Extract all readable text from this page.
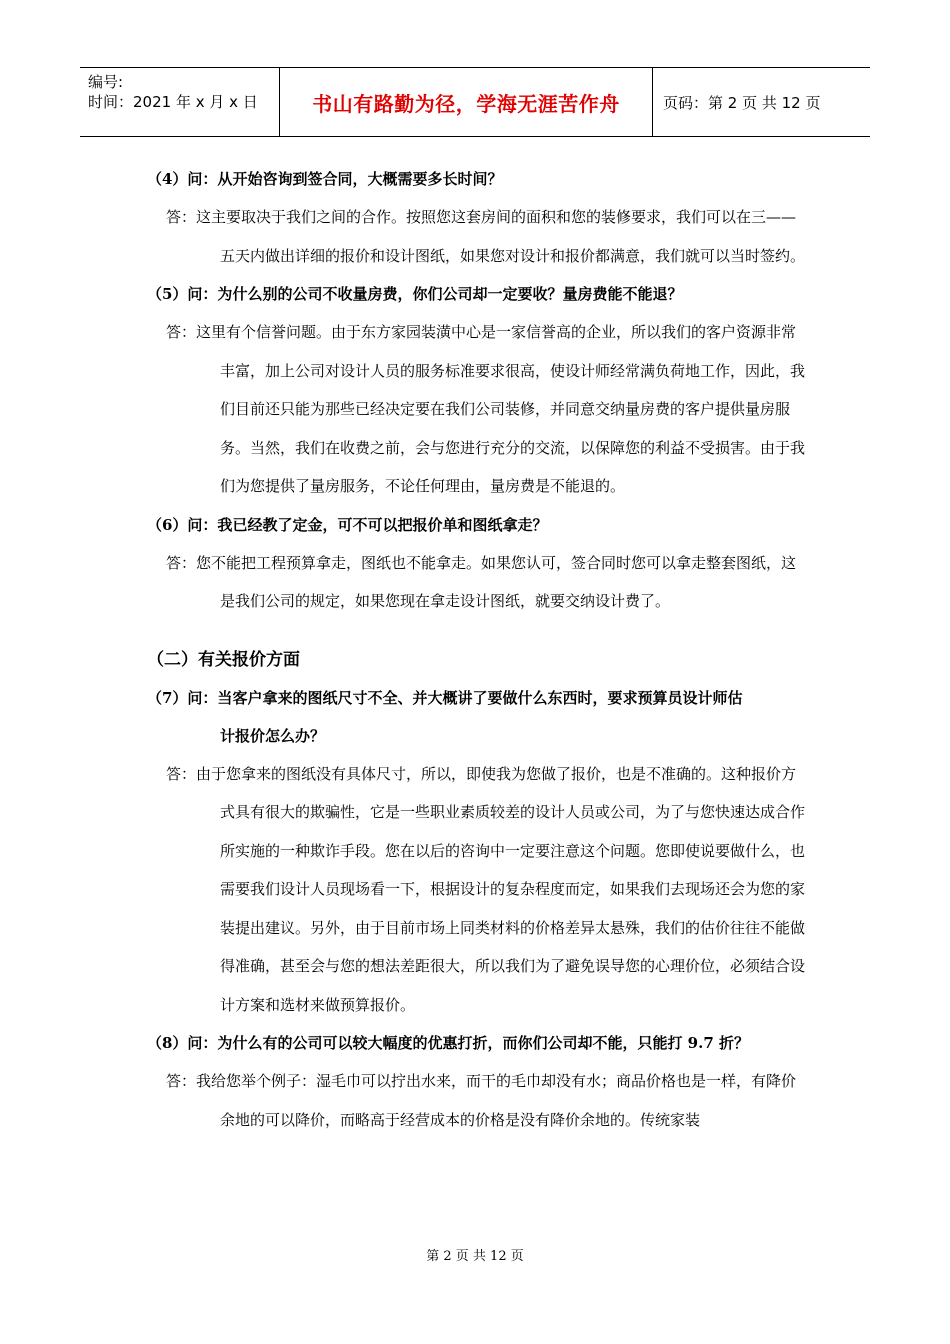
编号:
时间：2021 年 x 月 x 日	书山有路勤为径，学海无涯苦作舟	页码：第 2 页 共 12 页
（4）问：从开始咨询到签合同，大概需要多长时间？
答：这主要取决于我们之间的合作。按照您这套房间的面积和您的装修要求，我们可以在三——五天内做出详细的报价和设计图纸，如果您对设计和报价都满意，我们就可以当时签约。
（5）问：为什么别的公司不收量房费，你们公司却一定要收？量房费能不能退？
答：这里有个信誉问题。由于东方家园装潢中心是一家信誉高的企业，所以我们的客户资源非常丰富，加上公司对设计人员的服务标准要求很高，使设计师经常满负荷地工作，因此，我们目前还只能为那些已经决定要在我们公司装修，并同意交纳量房费的客户提供量房服务。当然，我们在收费之前，会与您进行充分的交流，以保障您的利益不受损害。由于我们为您提供了量房服务，不论任何理由，量房费是不能退的。
（6）问：我已经教了定金，可不可以把报价单和图纸拿走？
答：您不能把工程预算拿走，图纸也不能拿走。如果您认可，签合同时您可以拿走整套图纸，这是我们公司的规定，如果您现在拿走设计图纸，就要交纳设计费了。
（二）有关报价方面
（7）问：当客户拿来的图纸尺寸不全、并大概讲了要做什么东西时，要求预算员设计师估
计报价怎么办？
答：由于您拿来的图纸没有具体尺寸，所以，即使我为您做了报价，也是不准确的。这种报价方式具有很大的欺骗性，它是一些职业素质较差的设计人员或公司，为了与您快速达成合作所实施的一种欺诈手段。您在以后的咨询中一定要注意这个问题。您即使说要做什么，也需要我们设计人员现场看一下，根据设计的复杂程度而定，如果我们去现场还会为您的家装提出建议。另外，由于目前市场上同类材料的价格差异太悬殊，我们的估价往往不能做得准确，甚至会与您的想法差距很大，所以我们为了避免误导您的心理价位，必须结合设计方案和选材来做预算报价。
（8）问：为什么有的公司可以较大幅度的优惠打折，而你们公司却不能，只能打 9.7 折？
答：我给您举个例子：湿毛巾可以拧出水来，而干的毛巾却没有水；商品价格也是一样，有降价余地的可以降价，而略高于经营成本的价格是没有降价余地的。传统家装
第 2 页 共 12 页
